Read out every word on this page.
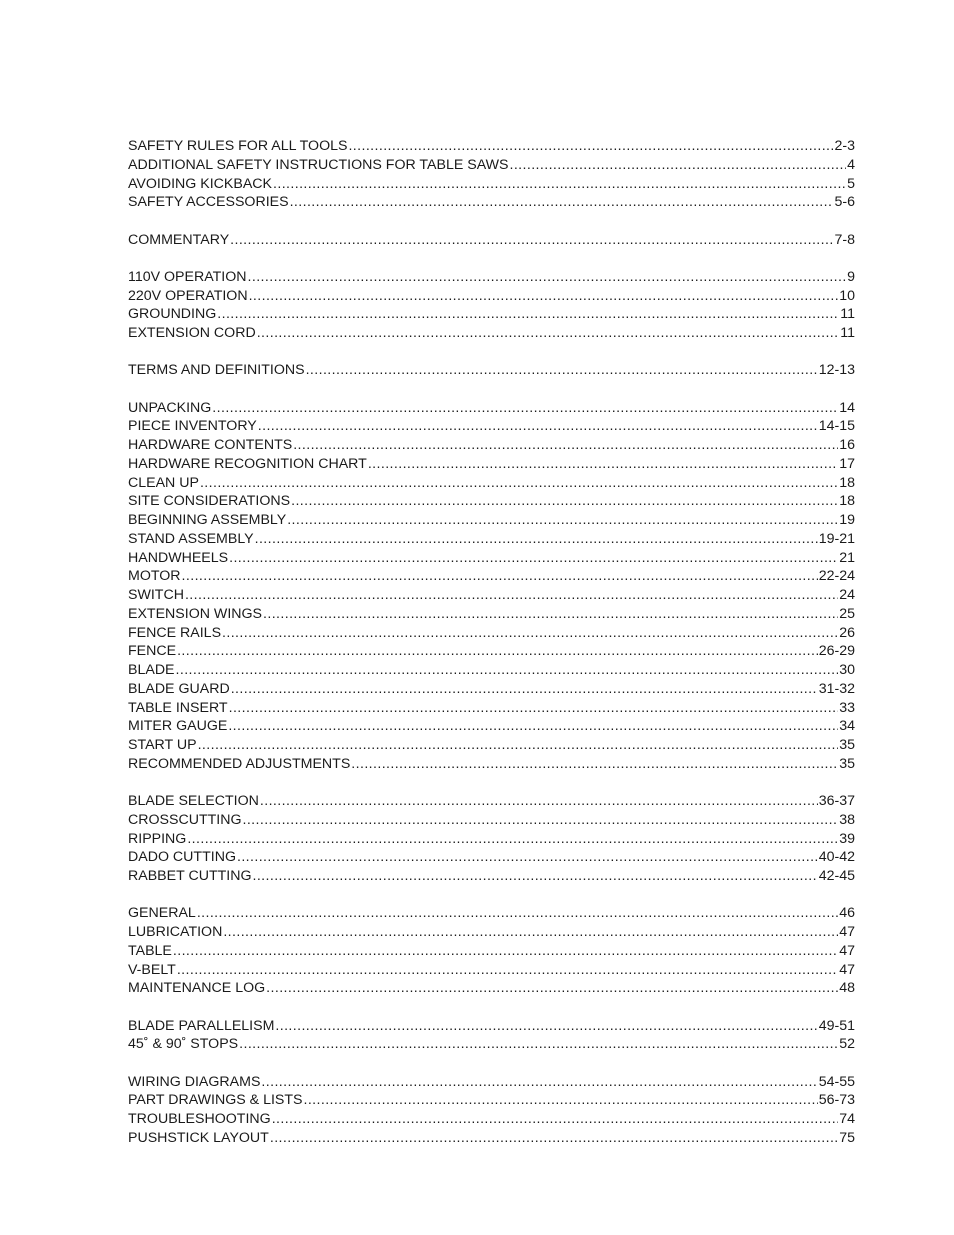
SAFETY RULES FOR ALL TOOLS .....	2-3
ADDITIONAL SAFETY INSTRUCTIONS FOR TABLE SAWS .....	4
AVOIDING KICKBACK .....	5
SAFETY ACCESSORIES .....	5-6
COMMENTARY .....	7-8
110V OPERATION .....	9
220V OPERATION .....	10
GROUNDING .....	11
EXTENSION CORD .....	11
TERMS AND DEFINITIONS .....	12-13
UNPACKING .....	14
PIECE INVENTORY .....	14-15
HARDWARE CONTENTS .....	16
HARDWARE RECOGNITION CHART .....	17
CLEAN UP .....	18
SITE CONSIDERATIONS .....	18
BEGINNING ASSEMBLY .....	19
STAND ASSEMBLY .....	19-21
HANDWHEELS .....	21
MOTOR .....	22-24
SWITCH .....	24
EXTENSION WINGS .....	25
FENCE RAILS .....	26
FENCE .....	26-29
BLADE .....	30
BLADE GUARD .....	31-32
TABLE INSERT .....	33
MITER GAUGE .....	34
START UP .....	35
RECOMMENDED ADJUSTMENTS .....	35
BLADE SELECTION .....	36-37
CROSSCUTTING .....	38
RIPPING .....	39
DADO CUTTING .....	40-42
RABBET CUTTING .....	42-45
GENERAL .....	46
LUBRICATION .....	47
TABLE .....	47
V-BELT .....	47
MAINTENANCE LOG .....	48
BLADE PARALLELISM .....	49-51
45˚ & 90˚ STOPS .....	52
WIRING DIAGRAMS .....	54-55
PART DRAWINGS & LISTS .....	56-73
TROUBLESHOOTING .....	74
PUSHSTICK LAYOUT .....	75
